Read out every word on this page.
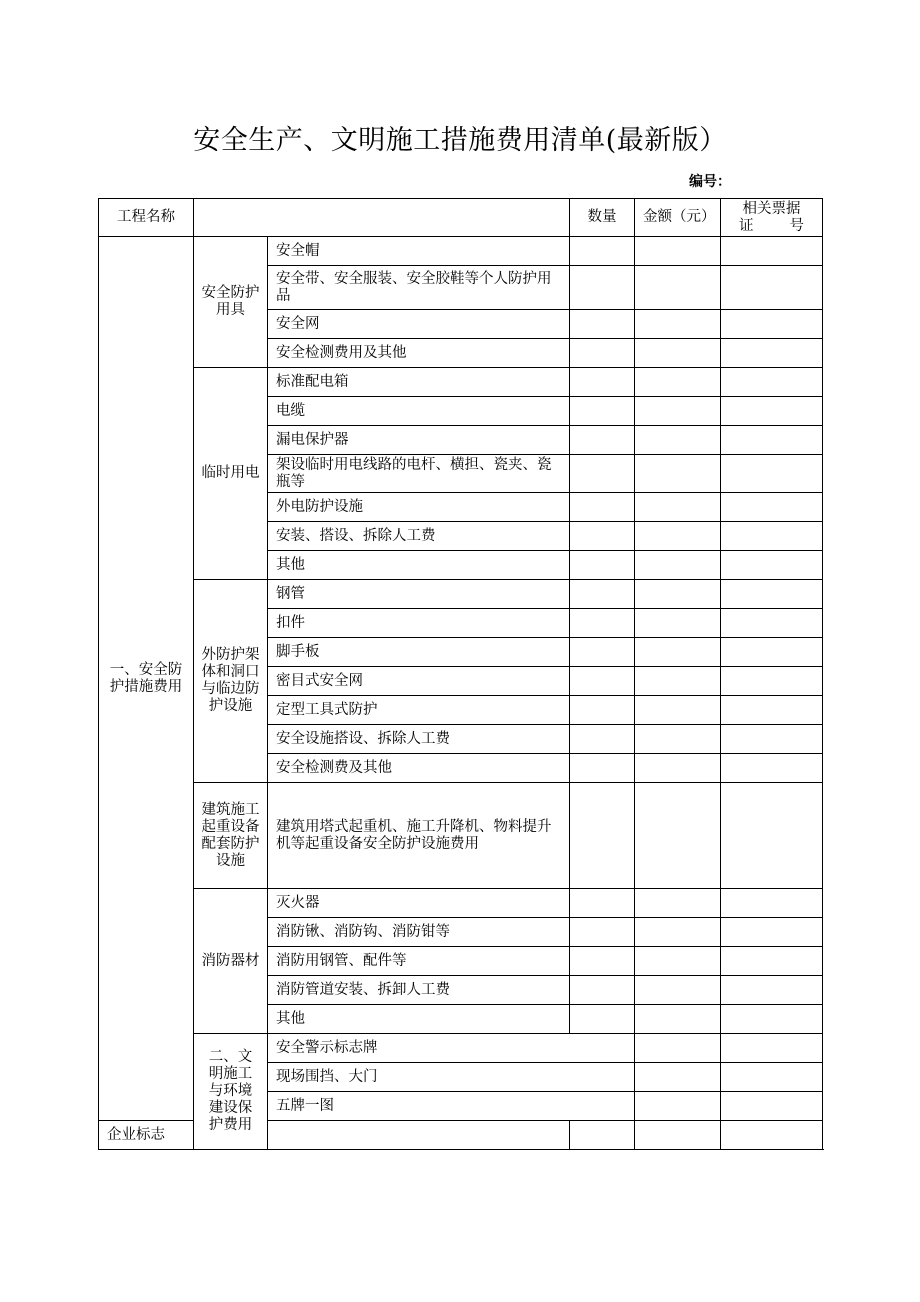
安全生产、文明施工措施费用清单(最新版）
编号：
工程名称			数量	金额（元）	相关票据
证 号	

一、安全防护措施费用	安全防护用具	安全帽				
		安全带、安全服装、安全胶鞋等个人防护用品				
		安全网				
		安全检测费用及其他				
	临时用电	标准配电箱				
		电缆				
		漏电保护器				
		架设临时用电线路的电杆、横担、瓷夹、瓷瓶等				
		外电防护设施				
		安装、搭设、拆除人工费				
		其他				
	外防护架体和洞口与临边防护设施	钢管				
		扣件				
		脚手板				
		密目式安全网				
		定型工具式防护				
		安全设施搭设、拆除人工费				
		安全检测费及其他				
	建筑施工起重设备配套防护设施	建筑用塔式起重机、施工升降机、物料提升机等起重设备安全防护设施费用				
	消防器材	灭火器				
		消防锹、消防钩、消防钳等				
		消防用钢管、配件等				
		消防管道安装、拆卸人工费				
		其他				
	二、文明施工与环境建设保护费用	安全警示标志牌				
		现场围挡、大门				
		五牌一图				
企业标志						
